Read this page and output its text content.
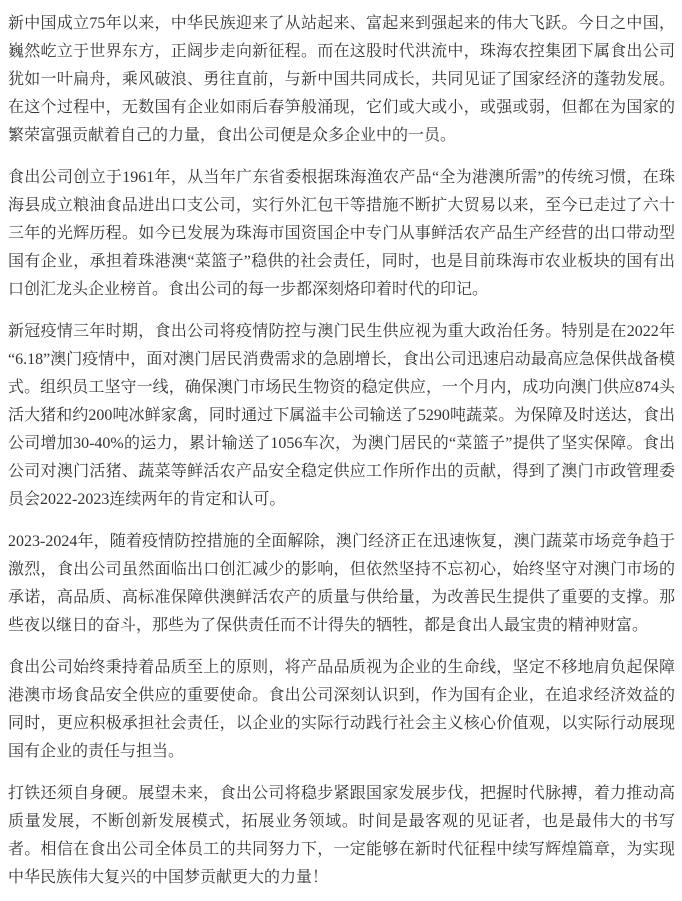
新中国成立75年以来，中华民族迎来了从站起来、富起来到强起来的伟大飞跃。今日之中国，巍然屹立于世界东方，正阔步走向新征程。而在这股时代洪流中，珠海农控集团下属食出公司犹如一叶扁舟，乘风破浪、勇往直前，与新中国共同成长，共同见证了国家经济的蓬勃发展。在这个过程中，无数国有企业如雨后春笋般涌现，它们或大或小，或强或弱，但都在为国家的繁荣富强贡献着自己的力量，食出公司便是众多企业中的一员。

食出公司创立于1961年，从当年广东省委根据珠海渔农产品“全为港澳所需”的传统习惯，在珠海县成立粮油食品进出口支公司，实行外汇包干等措施不断扩大贸易以来，至今已走过了六十三年的光辉历程。如今已发展为珠海市国资国企中专门从事鲜活农产品生产经营的出口带动型国有企业，承担着珠港澳“菜篮子”稳供的社会责任，同时，也是目前珠海市农业板块的国有出口创汇龙头企业榜首。食出公司的每一步都深刻烙印着时代的印记。

新冠疫情三年时期，食出公司将疫情防控与澳门民生供应视为重大政治任务。特别是在2022年“6.18”澳门疫情中，面对澳门居民消费需求的急剧增长，食出公司迅速启动最高应急保供战备模式。组织员工坚守一线，确保澳门市场民生物资的稳定供应，一个月内，成功向澳门供应874头活大猪和约200吨冰鲜家禽，同时通过下属溢丰公司输送了5290吨蔬菜。为保障及时送达，食出公司增加30-40%的运力，累计输送了1056车次，为澳门居民的“菜篮子”提供了坚实保障。食出公司对澳门活猪、蔬菜等鲜活农产品安全稳定供应工作所作出的贡献，得到了澳门市政管理委员会2022-2023连续两年的肯定和认可。

2023-2024年，随着疫情防控措施的全面解除，澳门经济正在迅速恢复，澳门蔬菜市场竞争趋于激烈，食出公司虽然面临出口创汇减少的影响，但依然坚持不忘初心，始终坚守对澳门市场的承诺，高品质、高标准保障供澳鲜活农产的质量与供给量，为改善民生提供了重要的支撑。那些夜以继日的奋斗，那些为了保供责任而不计得失的牺牲，都是食出人最宝贵的精神财富。

食出公司始终秉持着品质至上的原则，将产品品质视为企业的生命线，坚定不移地肩负起保障港澳市场食品安全供应的重要使命。食出公司深刻认识到，作为国有企业，在追求经济效益的同时，更应积极承担社会责任，以企业的实际行动践行社会主义核心价值观，以实际行动展现国有企业的责任与担当。

打铁还须自身硬。展望未来，食出公司将稳步紧跟国家发展步伐，把握时代脉搏，着力推动高质量发展，不断创新发展模式，拓展业务领域。时间是最客观的见证者，也是最伟大的书写者。相信在食出公司全体员工的共同努力下，一定能够在新时代征程中续写辉煌篇章，为实现中华民族伟大复兴的中国梦贡献更大的力量！
